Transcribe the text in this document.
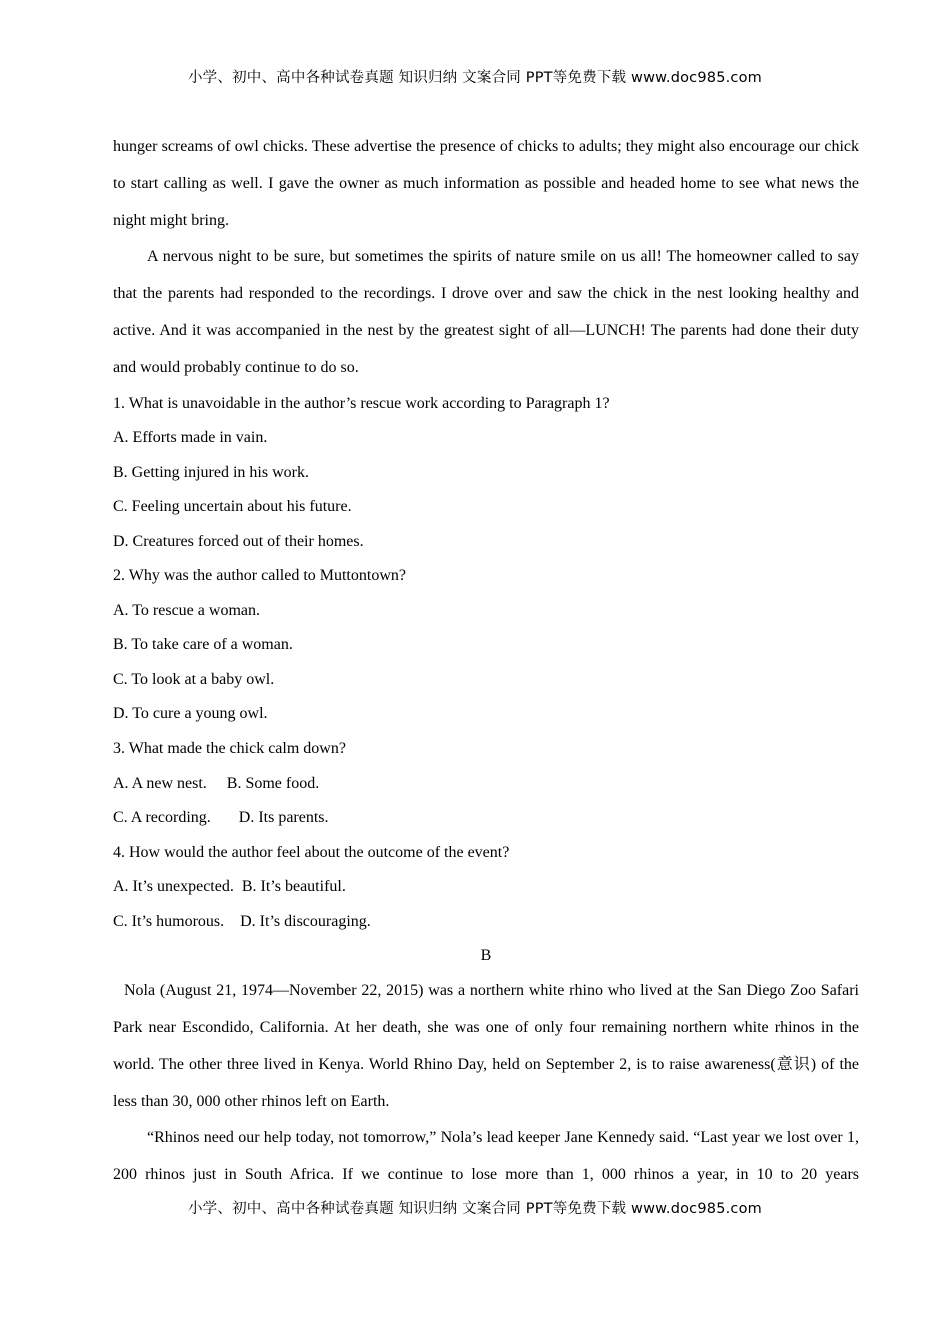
小学、初中、高中各种试卷真题 知识归纳 文案合同 PPT等免费下载 www.doc985.com

hunger screams of owl chicks. These advertise the presence of chicks to adults; they might also encourage our chick to start calling as well. I gave the owner as much information as possible and headed home to see what news the night might bring.

A nervous night to be sure, but sometimes the spirits of nature smile on us all! The homeowner called to say that the parents had responded to the recordings. I drove over and saw the chick in the nest looking healthy and active. And it was accompanied in the nest by the greatest sight of all—LUNCH! The parents had done their duty and would probably continue to do so.

1. What is unavoidable in the author’s rescue work according to Paragraph 1?
A. Efforts made in vain.
B. Getting injured in his work.
C. Feeling uncertain about his future.
D. Creatures forced out of their homes.
2. Why was the author called to Muttontown?
A. To rescue a woman.
B. To take care of a woman.
C. To look at a baby owl.
D. To cure a young owl.
3. What made the chick calm down?
A. A new nest.     B. Some food.
C. A recording.       D. Its parents.
4. How would the author feel about the outcome of the event?
A. It’s unexpected.  B. It’s beautiful.
C. It’s humorous.    D. It’s discouraging.
B

Nola (August 21, 1974—November 22, 2015) was a northern white rhino who lived at the San Diego Zoo Safari Park near Escondido, California. At her death, she was one of only four remaining northern white rhinos in the world. The other three lived in Kenya. World Rhino Day, held on September 2, is to raise awareness(意识) of the less than 30, 000 other rhinos left on Earth.

“Rhinos need our help today, not tomorrow,” Nola’s lead keeper Jane Kennedy said. “Last year we lost over 1, 200 rhinos just in South Africa. If we continue to lose more than 1, 000 rhinos a year, in 10 to 20 years

小学、初中、高中各种试卷真题 知识归纳 文案合同 PPT等免费下载 www.doc985.com
